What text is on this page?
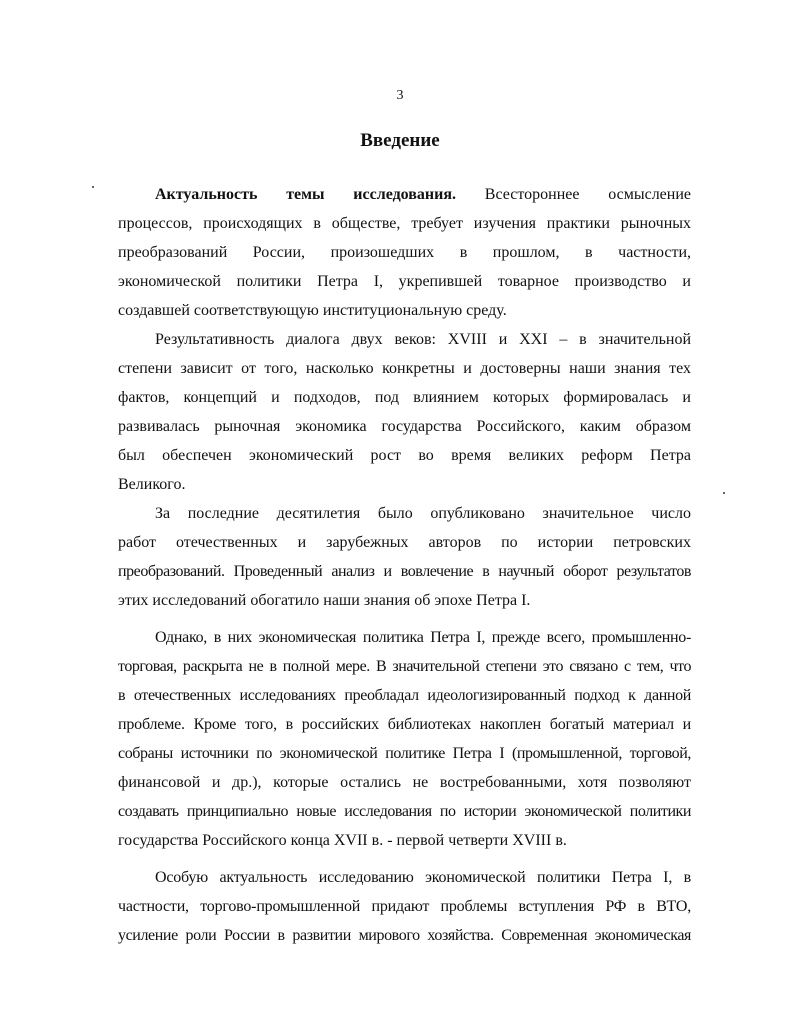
3
Введение
Актуальность темы исследования. Всестороннее осмысление
процессов, происходящих в обществе, требует изучения практики рыночных
преобразований России, произошедших в прошлом, в частности,
экономической политики Петра I, укрепившей товарное производство и
создавшей соответствующую институциональную среду.
Результативность диалога двух веков: XVIII и XXI – в значительной
степени зависит от того, насколько конкретны и достоверны наши знания тех
фактов, концепций и подходов, под влиянием которых формировалась и
развивалась рыночная экономика государства Российского, каким образом
был обеспечен экономический рост во время великих реформ Петра
Великого.
За последние десятилетия было опубликовано значительное число
работ отечественных и зарубежных авторов по истории петровских
преобразований. Проведенный анализ и вовлечение в научный оборот результатов
этих исследований обогатило наши знания об эпохе Петра I.
Однако, в них экономическая политика Петра I, прежде всего, промышленно-
торговая, раскрыта не в полной мере. В значительной степени это связано с тем, что
в отечественных исследованиях преобладал идеологизированный подход к данной
проблеме. Кроме того, в российских библиотеках накоплен богатый материал и
собраны источники по экономической политике Петра I (промышленной, торговой,
финансовой и др.), которые остались не востребованными, хотя позволяют
создавать принципиально новые исследования по истории экономической политики
государства Российского конца XVII в. - первой четверти XVIII в.
Особую актуальность исследованию экономической политики Петра I, в
частности, торгово-промышленной придают проблемы вступления РФ в ВТО,
усиление роли России в развитии мирового хозяйства. Современная экономическая
